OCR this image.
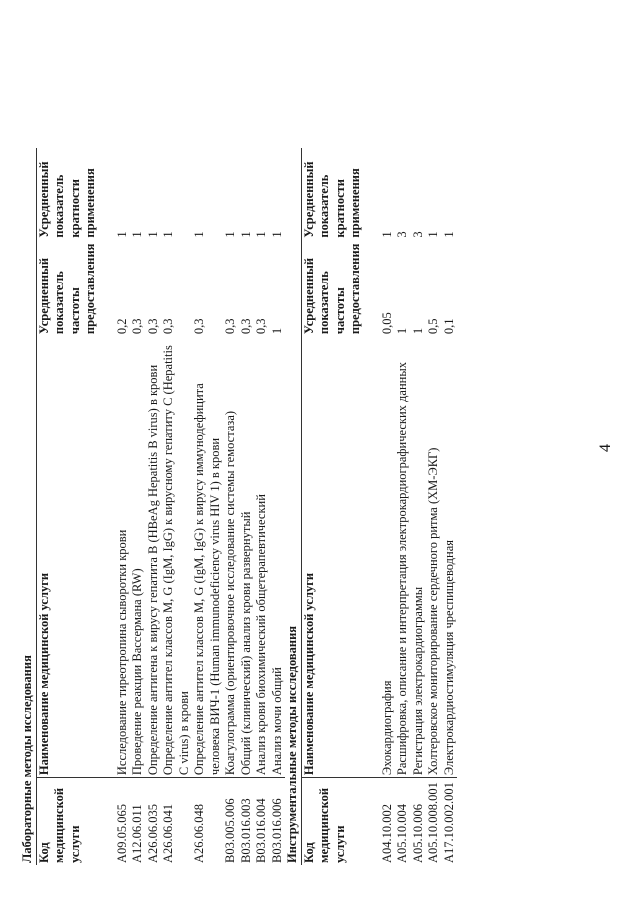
4
Лабораторные методы исследования			
Код медицинской услуги	Наименование медицинской услуги	Усредненный показатель частоты предоставления	Усредненный показатель кратности применения
A09.05.065	Исследование тиреотропина сыворотки крови	0,2	1
A12.06.011	Проведение реакции Вассермана (RW)	0,3	1
A26.06.035	Определение антигена к вирусу гепатита B (HBeAg Hepatitis B virus) в крови	0,3	1
A26.06.041	Определение антител классов M, G (IgM, IgG) к вирусному гепатиту C (Hepatitis C virus) в крови	0,3	1
A26.06.048	Определение антител классов M, G (IgM, IgG) к вирусу иммунодефицита человека ВИЧ-1 (Human immunodeficiency virus HIV 1) в крови	0,3	1
B03.005.006	Коагулограмма (ориентировочное исследование системы гемостаза)	0,3	1
B03.016.003	Общий (клинический) анализ крови развернутый	0,3	1
B03.016.004	Анализ крови биохимический общетерапевтический	0,3	1
B03.016.006	Анализ мочи общий	1	1
Инструментальные методы исследования			
Код медицинской услуги	Наименование медицинской услуги	Усредненный показатель частоты предоставления	Усредненный показатель кратности применения
A04.10.002	Эхокардиография	0,05	1
A05.10.004	Расшифровка, описание и интерпретация электрокардиографических данных	1	3
A05.10.006	Регистрация электрокардиограммы	1	3
A05.10.008.001	Холтеровское мониторирование сердечного ритма (ХМ-ЭКГ)	0,5	1
A17.10.002.001	Электрокардиостимуляция чреспищеводная	0,1	1
